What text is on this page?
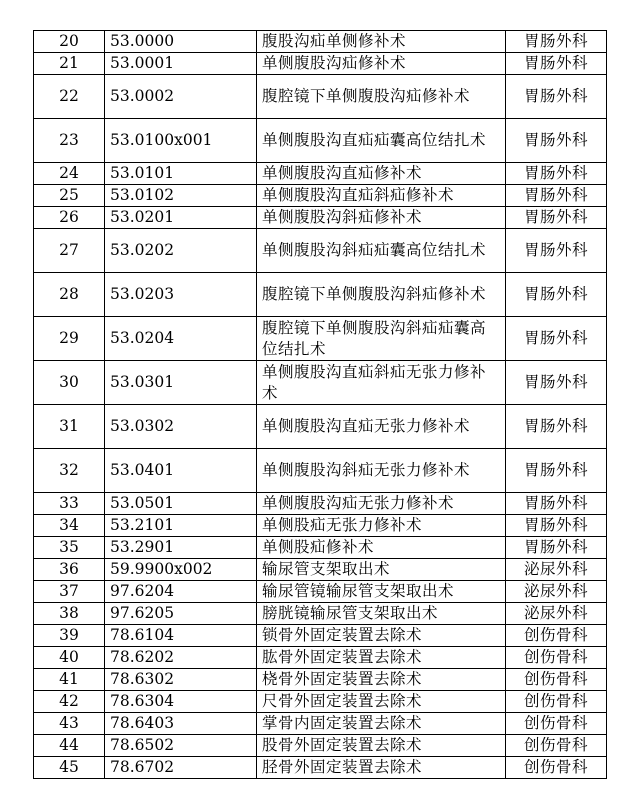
20	53.0000	腹股沟疝单侧修补术	胃肠外科
21	53.0001	单侧腹股沟疝修补术	胃肠外科
22	53.0002	腹腔镜下单侧腹股沟疝修补术	胃肠外科
23	53.0100x001	单侧腹股沟直疝疝囊高位结扎术	胃肠外科
24	53.0101	单侧腹股沟直疝修补术	胃肠外科
25	53.0102	单侧腹股沟直疝斜疝修补术	胃肠外科
26	53.0201	单侧腹股沟斜疝修补术	胃肠外科
27	53.0202	单侧腹股沟斜疝疝囊高位结扎术	胃肠外科
28	53.0203	腹腔镜下单侧腹股沟斜疝修补术	胃肠外科
29	53.0204	腹腔镜下单侧腹股沟斜疝疝囊高位结扎术	胃肠外科
30	53.0301	单侧腹股沟直疝斜疝无张力修补术	胃肠外科
31	53.0302	单侧腹股沟直疝无张力修补术	胃肠外科
32	53.0401	单侧腹股沟斜疝无张力修补术	胃肠外科
33	53.0501	单侧腹股沟疝无张力修补术	胃肠外科
34	53.2101	单侧股疝无张力修补术	胃肠外科
35	53.2901	单侧股疝修补术	胃肠外科
36	59.9900x002	输尿管支架取出术	泌尿外科
37	97.6204	输尿管镜输尿管支架取出术	泌尿外科
38	97.6205	膀胱镜输尿管支架取出术	泌尿外科
39	78.6104	锁骨外固定装置去除术	创伤骨科
40	78.6202	肱骨外固定装置去除术	创伤骨科
41	78.6302	桡骨外固定装置去除术	创伤骨科
42	78.6304	尺骨外固定装置去除术	创伤骨科
43	78.6403	掌骨内固定装置去除术	创伤骨科
44	78.6502	股骨外固定装置去除术	创伤骨科
45	78.6702	胫骨外固定装置去除术	创伤骨科
